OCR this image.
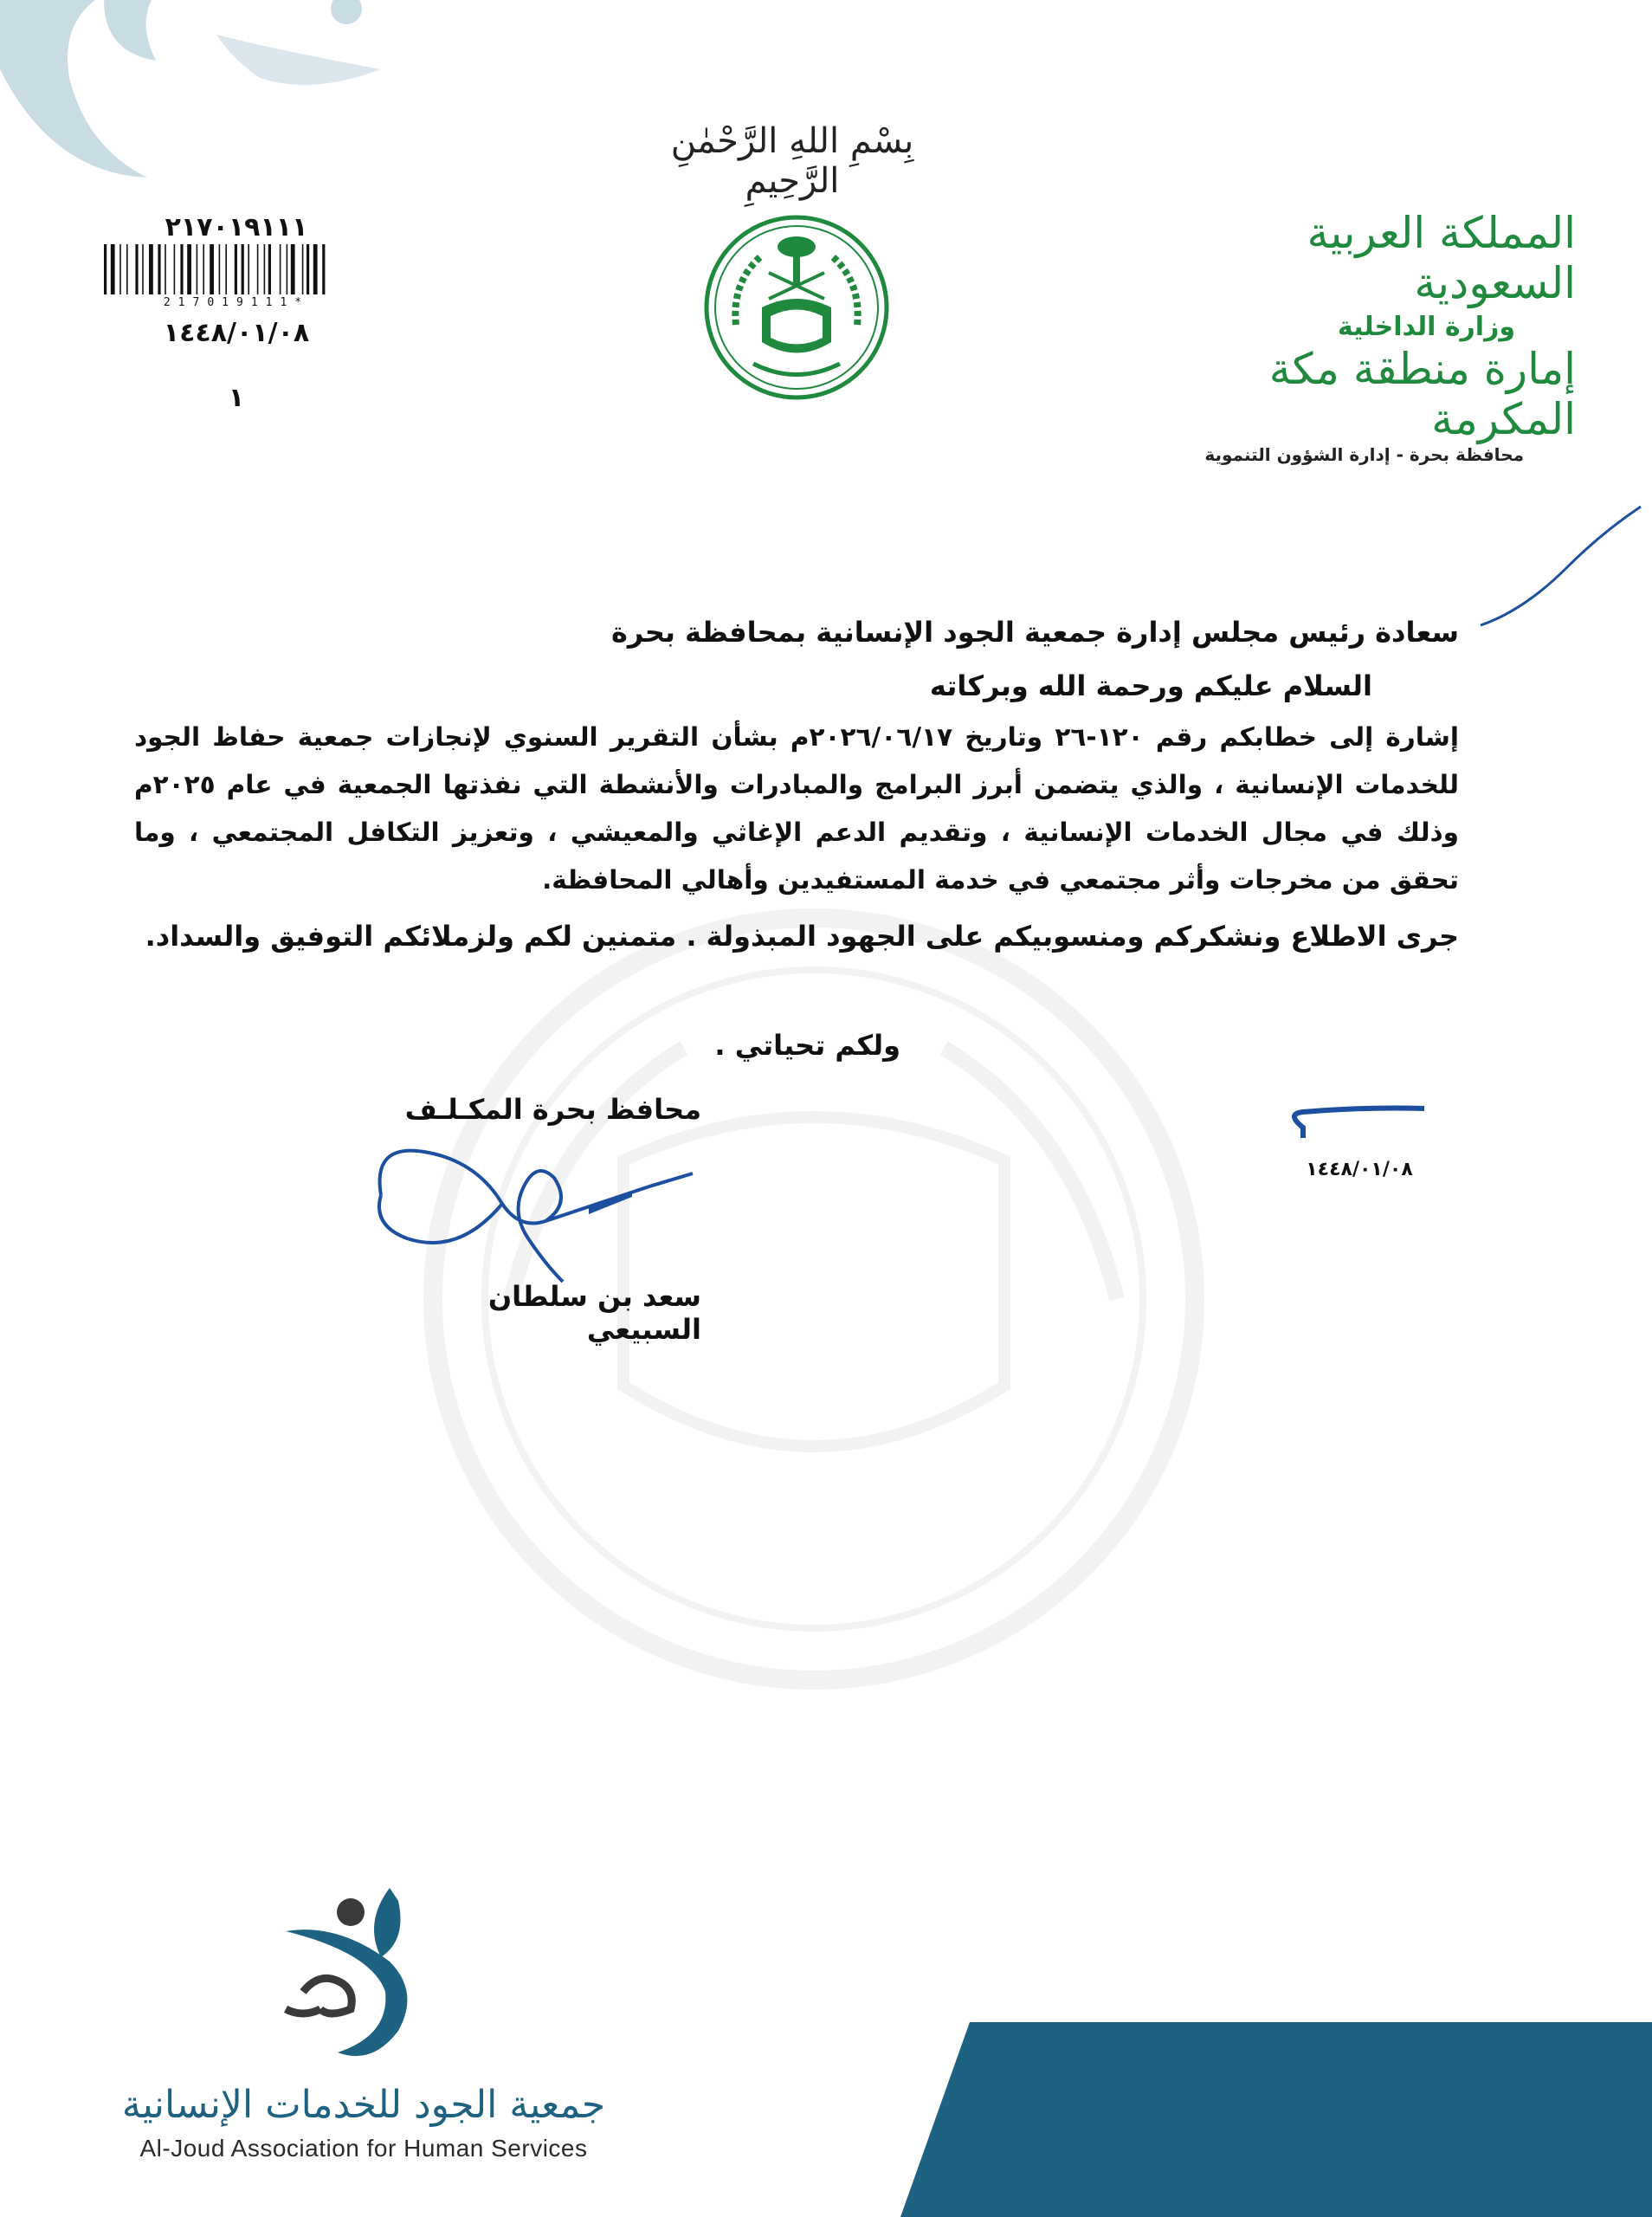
بِسْمِ اللهِ الرَّحْمٰنِ الرَّحِيمِ
المملكة العربية السعودية
وزارة الداخلية
إمارة منطقة مكة المكرمة
محافظة بحرة - إدارة الشؤون التنموية
٢١٧٠١٩١١١
217019111*
١٤٤٨/٠١/٠٨
١
سعادة رئيس مجلس إدارة جمعية الجود الإنسانية بمحافظة بحرة
السلام عليكم ورحمة الله وبركاته
إشارة إلى خطابكم رقم ١٢٠-٢٦ وتاريخ ٢٠٢٦/٠٦/١٧م بشأن التقرير السنوي لإنجازات جمعية حفاظ الجود للخدمات الإنسانية ، والذي يتضمن أبرز البرامج والمبادرات والأنشطة التي نفذتها الجمعية في عام ٢٠٢٥م وذلك في مجال الخدمات الإنسانية ، وتقديم الدعم الإغاثي والمعيشي ، وتعزيز التكافل المجتمعي ، وما تحقق من مخرجات وأثر مجتمعي في خدمة المستفيدين وأهالي المحافظة.
جرى الاطلاع ونشكركم ومنسوبيكم على الجهود المبذولة . متمنين لكم ولزملائكم التوفيق والسداد.
ولكم تحياتي .
محافظ بحرة المكـلـف
سعد بن سلطان السبيعي
١٤٤٨/٠١/٠٨
جمعية الجود للخدمات الإنسانية
Al-Joud Association for Human Services
